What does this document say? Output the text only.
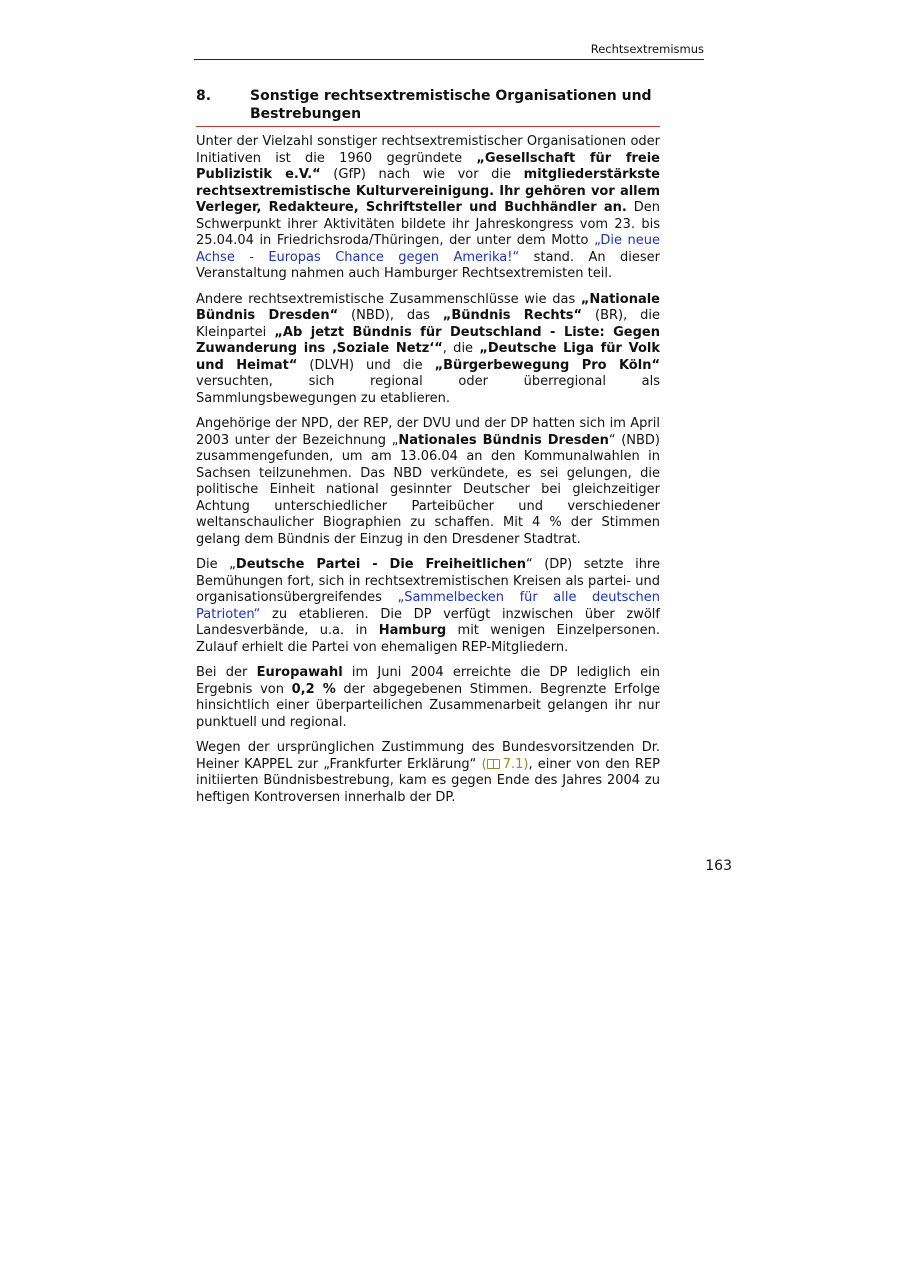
Rechtsextremismus
8.	Sonstige rechtsextremistische Organisationen und Bestrebungen

Unter der Vielzahl sonstiger rechtsextremistischer Organisationen oder Initiativen ist die 1960 gegründete „Gesellschaft für freie Publizistik e.V.“ (GfP) nach wie vor die mitgliederstärkste rechtsextremistische Kulturvereinigung. Ihr gehören vor allem Verleger, Redakteure, Schriftsteller und Buchhändler an. Den Schwerpunkt ihrer Aktivitäten bildete ihr Jahreskongress vom 23. bis 25.04.04 in Friedrichsroda/Thüringen, der unter dem Motto „Die neue Achse - Europas Chance gegen Amerika!“ stand. An dieser Veranstaltung nahmen auch Hamburger Rechtsextremisten teil.

Andere rechtsextremistische Zusammenschlüsse wie das „Nationale Bündnis Dresden“ (NBD), das „Bündnis Rechts“ (BR), die Kleinpartei „Ab jetzt Bündnis für Deutschland - Liste: Gegen Zuwanderung ins ‚Soziale Netz‘“, die „Deutsche Liga für Volk und Heimat“ (DLVH) und die „Bürgerbewegung Pro Köln“ versuchten, sich regional oder überregional als Sammlungsbewegungen zu etablieren.

Angehörige der NPD, der REP, der DVU und der DP hatten sich im April 2003 unter der Bezeichnung „Nationales Bündnis Dresden“ (NBD) zusammengefunden, um am 13.06.04 an den Kommunalwahlen in Sachsen teilzunehmen. Das NBD verkündete, es sei gelungen, die politische Einheit national gesinnter Deutscher bei gleichzeitiger Achtung unterschiedlicher Parteibücher und verschiedener weltanschaulicher Biographien zu schaffen. Mit 4 % der Stimmen gelang dem Bündnis der Einzug in den Dresdener Stadtrat.

Die „Deutsche Partei - Die Freiheitlichen“ (DP) setzte ihre Bemühungen fort, sich in rechtsextremistischen Kreisen als partei- und organisationsübergreifendes „Sammelbecken für alle deutschen Patrioten“ zu etablieren. Die DP verfügt inzwischen über zwölf Landesverbände, u.a. in Hamburg mit wenigen Einzelpersonen. Zulauf erhielt die Partei von ehemaligen REP-Mitgliedern.

Bei der Europawahl im Juni 2004 erreichte die DP lediglich ein Ergebnis von 0,2 % der abgegebenen Stimmen. Begrenzte Erfolge hinsichtlich einer überparteilichen Zusammenarbeit gelangen ihr nur punktuell und regional.

Wegen der ursprünglichen Zustimmung des Bundesvorsitzenden Dr. Heiner KAPPEL zur „Frankfurter Erklärung“ ( 7.1), einer von den REP initiierten Bündnisbestrebung, kam es gegen Ende des Jahres 2004 zu heftigen Kontroversen innerhalb der DP.

163
